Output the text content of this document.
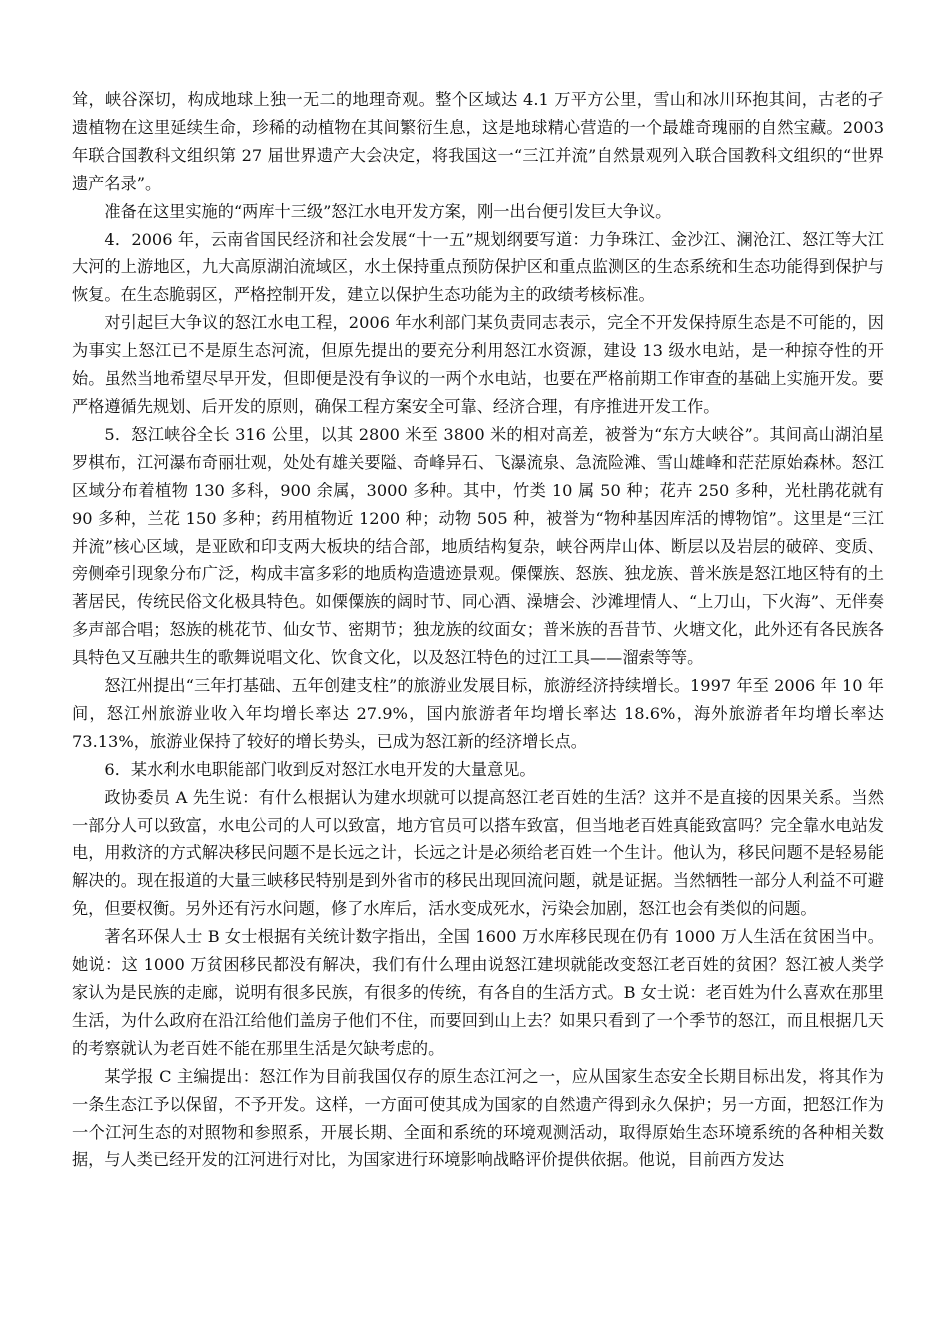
耸，峡谷深切，构成地球上独一无二的地理奇观。整个区域达 4.1 万平方公里，雪山和冰川环抱其间，古老的孑遗植物在这里延续生命，珍稀的动植物在其间繁衍生息，这是地球精心营造的一个最雄奇瑰丽的自然宝藏。2003 年联合国教科文组织第 27 届世界遗产大会决定，将我国这一“三江并流”自然景观列入联合国教科文组织的“世界遗产名录”。

准备在这里实施的“两库十三级”怒江水电开发方案，刚一出台便引发巨大争议。

4．2006 年，云南省国民经济和社会发展“十一五”规划纲要写道：力争珠江、金沙江、澜沧江、怒江等大江大河的上游地区，九大高原湖泊流域区，水土保持重点预防保护区和重点监测区的生态系统和生态功能得到保护与恢复。在生态脆弱区，严格控制开发，建立以保护生态功能为主的政绩考核标准。

对引起巨大争议的怒江水电工程，2006 年水利部门某负责同志表示，完全不开发保持原生态是不可能的，因为事实上怒江已不是原生态河流，但原先提出的要充分利用怒江水资源，建设 13 级水电站，是一种掠夺性的开始。虽然当地希望尽早开发，但即便是没有争议的一两个水电站，也要在严格前期工作审查的基础上实施开发。要严格遵循先规划、后开发的原则，确保工程方案安全可靠、经济合理，有序推进开发工作。

5．怒江峡谷全长 316 公里，以其 2800 米至 3800 米的相对高差，被誉为“东方大峡谷”。其间高山湖泊星罗棋布，江河瀑布奇丽壮观，处处有雄关要隘、奇峰异石、飞瀑流泉、急流险滩、雪山雄峰和茫茫原始森林。怒江区域分布着植物 130 多科，900 余属，3000 多种。其中，竹类 10 属 50 种；花卉 250 多种，光杜鹃花就有 90 多种，兰花 150 多种；药用植物近 1200 种；动物 505 种，被誉为“物种基因库活的博物馆”。这里是“三江并流”核心区域，是亚欧和印支两大板块的结合部，地质结构复杂，峡谷两岸山体、断层以及岩层的破碎、变质、旁侧牵引现象分布广泛，构成丰富多彩的地质构造遗迹景观。傈僳族、怒族、独龙族、普米族是怒江地区特有的土著居民，传统民俗文化极具特色。如傈僳族的阔时节、同心酒、澡塘会、沙滩埋情人、“上刀山，下火海”、无伴奏多声部合唱；怒族的桃花节、仙女节、密期节；独龙族的纹面女；普米族的吾昔节、火塘文化，此外还有各民族各具特色又互融共生的歌舞说唱文化、饮食文化，以及怒江特色的过江工具——溜索等等。

怒江州提出“三年打基础、五年创建支柱”的旅游业发展目标，旅游经济持续增长。1997 年至 2006 年 10 年间，怒江州旅游业收入年均增长率达 27.9%，国内旅游者年均增长率达 18.6%，海外旅游者年均增长率达 73.13%，旅游业保持了较好的增长势头，已成为怒江新的经济增长点。

6．某水利水电职能部门收到反对怒江水电开发的大量意见。

政协委员 A 先生说：有什么根据认为建水坝就可以提高怒江老百姓的生活？这并不是直接的因果关系。当然一部分人可以致富，水电公司的人可以致富，地方官员可以搭车致富，但当地老百姓真能致富吗？完全靠水电站发电，用救济的方式解决移民问题不是长远之计，长远之计是必须给老百姓一个生计。他认为，移民问题不是轻易能解决的。现在报道的大量三峡移民特别是到外省市的移民出现回流问题，就是证据。当然牺牲一部分人利益不可避免，但要权衡。另外还有污水问题，修了水库后，活水变成死水，污染会加剧，怒江也会有类似的问题。

著名环保人士 B 女士根据有关统计数字指出，全国 1600 万水库移民现在仍有 1000 万人生活在贫困当中。她说：这 1000 万贫困移民都没有解决，我们有什么理由说怒江建坝就能改变怒江老百姓的贫困？怒江被人类学家认为是民族的走廊，说明有很多民族，有很多的传统，有各自的生活方式。B 女士说：老百姓为什么喜欢在那里生活，为什么政府在沿江给他们盖房子他们不住，而要回到山上去？如果只看到了一个季节的怒江，而且根据几天的考察就认为老百姓不能在那里生活是欠缺考虑的。

某学报 C 主编提出：怒江作为目前我国仅存的原生态江河之一，应从国家生态安全长期目标出发，将其作为一条生态江予以保留，不予开发。这样，一方面可使其成为国家的自然遗产得到永久保护；另一方面，把怒江作为一个江河生态的对照物和参照系，开展长期、全面和系统的环境观测活动，取得原始生态环境系统的各种相关数据，与人类已经开发的江河进行对比，为国家进行环境影响战略评价提供依据。他说，目前西方发达
